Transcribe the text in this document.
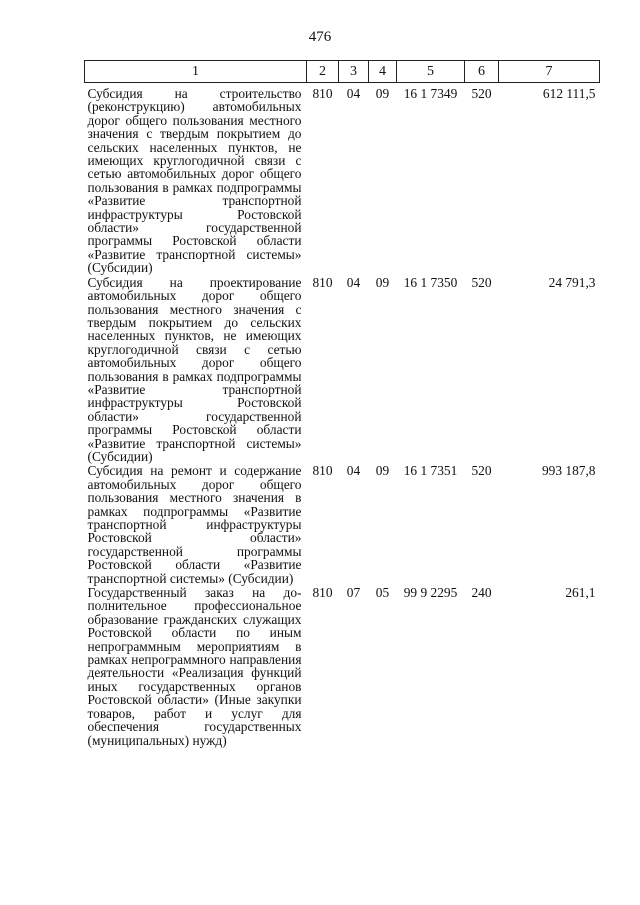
476
1	2	3	4	5	6	7

Субсидия на строительство (реконструкцию) автомобильных дорог общего пользования местного значения с твердым покрытием до сельских населенных пунктов, не имеющих круглогодичной связи с сетью автомобильных дорог общего пользования в рамках подпрограммы «Развитие транспортной инфраструктуры Ростовской области» государственной программы Ростовской области «Развитие транспортной системы» (Субсидии)	810	04	09	16 1 7349	520	612 111,5
Субсидия на проектирование автомобильных дорог общего пользования местного значения с твердым покрытием до сельских населенных пунктов, не имеющих круглогодичной связи с сетью автомобильных дорог общего пользования в рамках подпрограммы «Развитие транспортной инфраструктуры Ростовской области» государственной программы Ростовской области «Развитие транспортной системы» (Субсидии)	810	04	09	16 1 7350	520	24 791,3
Субсидия на ремонт и содержание автомобильных дорог общего пользования местного значения в рамках подпрограммы «Развитие транспортной инфраструктуры Ростовской области» государственной программы Ростовской области «Развитие транспортной системы» (Субсидии)	810	04	09	16 1 7351	520	993 187,8
Государственный заказ на дополнительное профессиональное образование гражданских служащих Ростовской области по иным непрограммным мероприятиям в рамках непрограммного направления деятельности «Реализация функций иных государственных органов Ростовской области» (Иные закупки товаров, работ и услуг для обеспечения государственных (муниципальных) нужд)	810	07	05	99 9 2295	240	261,1
